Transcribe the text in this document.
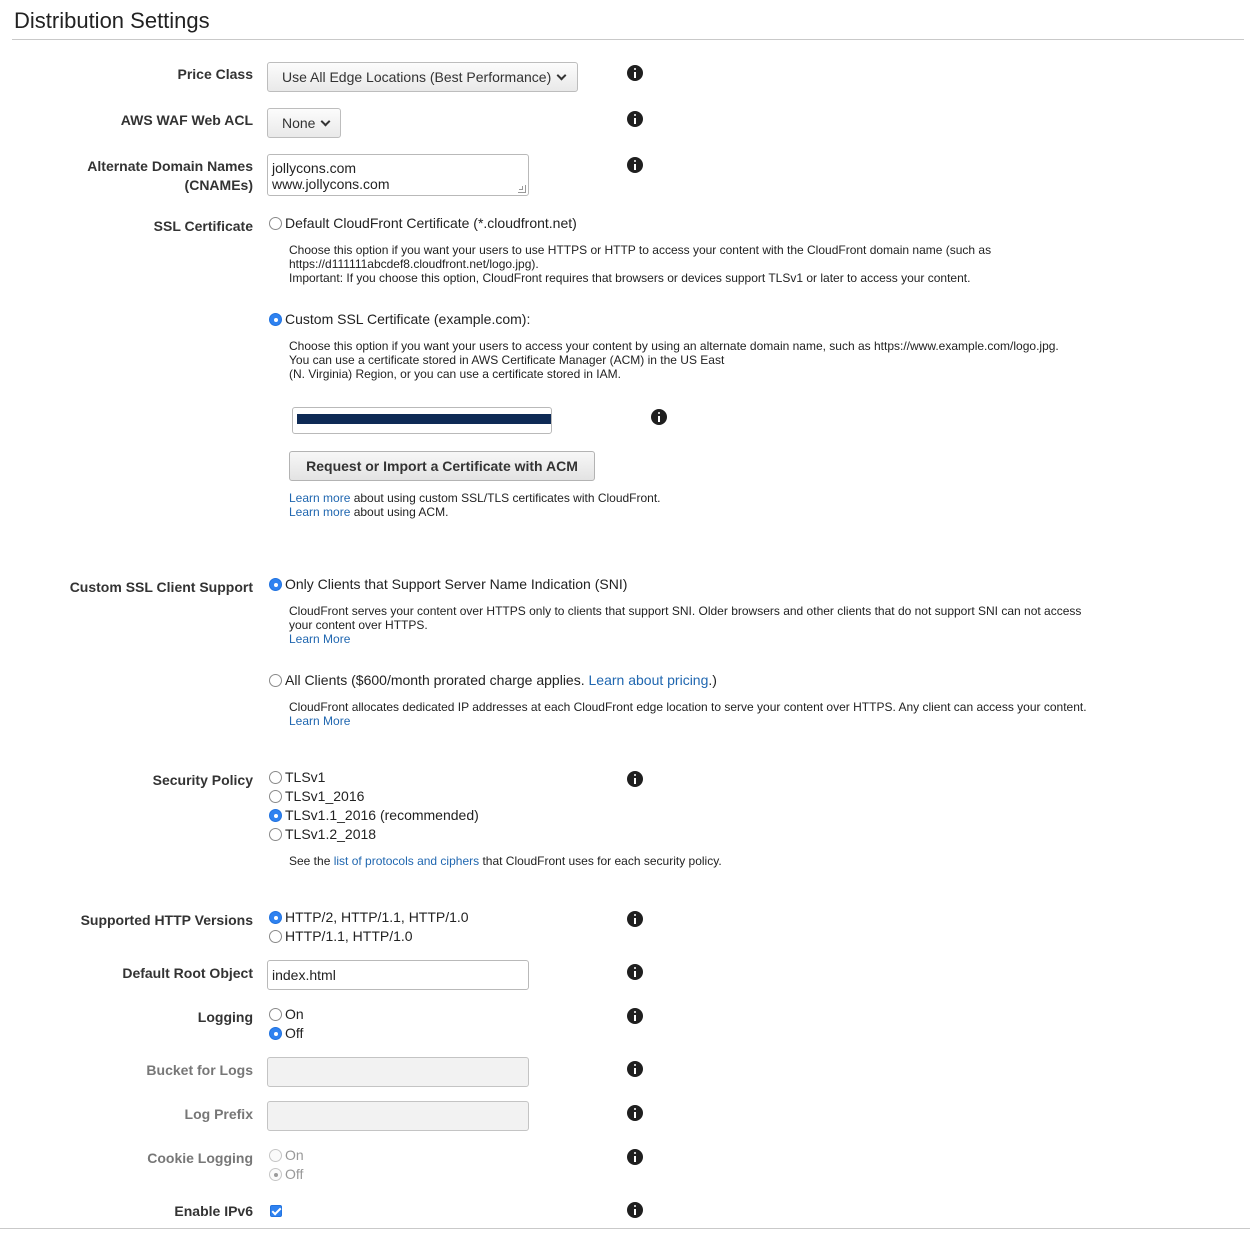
Distribution Settings
Price Class	Use All Edge Locations (Best Performance)
AWS WAF Web ACL	None
Alternate Domain Names
(CNAMEs)
jollycons.com
www.jollycons.com
SSL Certificate	Default CloudFront Certificate (*.cloudfront.net)
Choose this option if you want your users to use HTTPS or HTTP to access your content with the CloudFront domain name (such as
https://d111111abcdef8.cloudfront.net/logo.jpg).
Important: If you choose this option, CloudFront requires that browsers or devices support TLSv1 or later to access your content.
Custom SSL Certificate (example.com):
Choose this option if you want your users to access your content by using an alternate domain name, such as https://www.example.com/logo.jpg.
You can use a certificate stored in AWS Certificate Manager (ACM) in the US East
(N. Virginia) Region, or you can use a certificate stored in IAM.
Request or Import a Certificate with ACM
Learn more about using custom SSL/TLS certificates with CloudFront.
Learn more about using ACM.
Custom SSL Client Support	Only Clients that Support Server Name Indication (SNI)
CloudFront serves your content over HTTPS only to clients that support SNI. Older browsers and other clients that do not support SNI can not access
your content over HTTPS.
Learn More
All Clients ($600/month prorated charge applies. Learn about pricing.)
CloudFront allocates dedicated IP addresses at each CloudFront edge location to serve your content over HTTPS. Any client can access your content.
Learn More
Security Policy	TLSv1
TLSv1_2016
TLSv1.1_2016 (recommended)
TLSv1.2_2018
See the list of protocols and ciphers that CloudFront uses for each security policy.
Supported HTTP Versions	HTTP/2, HTTP/1.1, HTTP/1.0
HTTP/1.1, HTTP/1.0
Default Root Object	index.html
Logging	On
Off
Bucket for Logs
Log Prefix
Cookie Logging	On
Off
Enable IPv6
